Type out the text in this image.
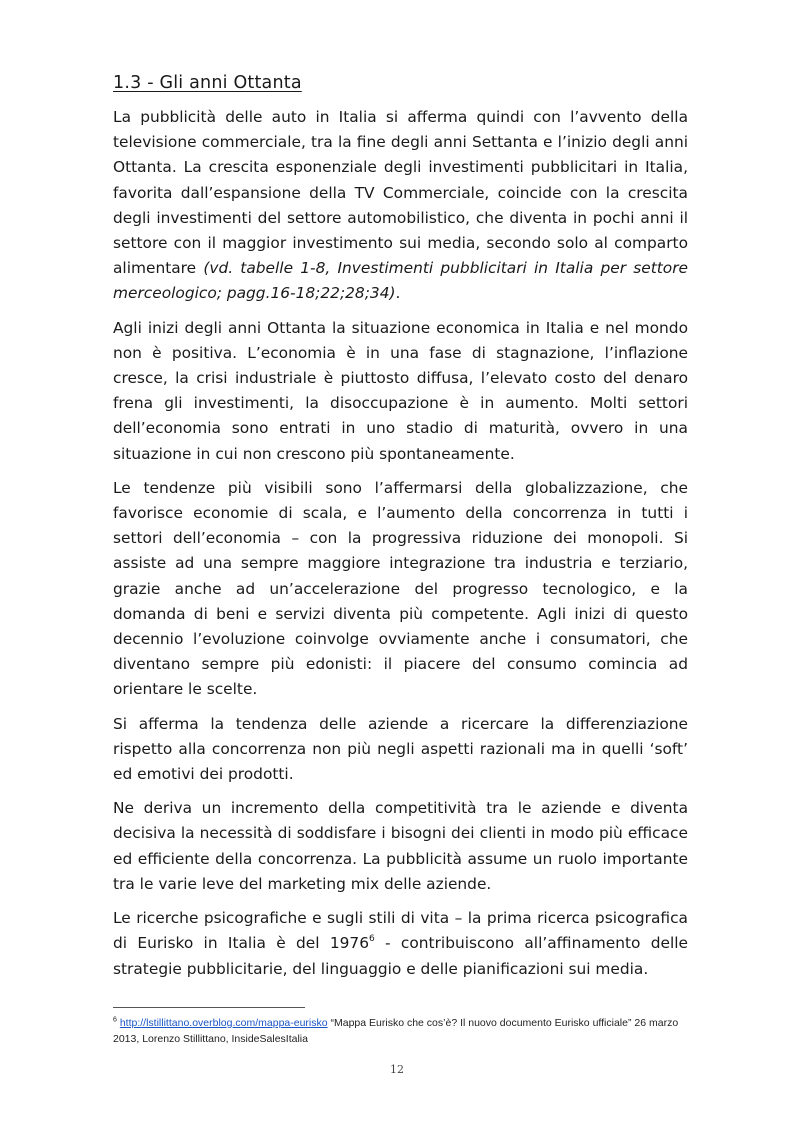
1.3 - Gli anni Ottanta

La pubblicità delle auto in Italia si afferma quindi con l’avvento della televisione commerciale, tra la fine degli anni Settanta e l’inizio degli anni Ottanta. La crescita esponenziale degli investimenti pubblicitari in Italia, favorita dall’espansione della TV Commerciale, coincide con la crescita degli investimenti del settore automobilistico, che diventa in pochi anni il settore con il maggior investimento sui media, secondo solo al comparto alimentare (vd. tabelle 1-8, Investimenti pubblicitari in Italia per settore merceologico; pagg.16-18;22;28;34).

Agli inizi degli anni Ottanta la situazione economica in Italia e nel mondo non è positiva. L’economia è in una fase di stagnazione, l’inflazione cresce, la crisi industriale è piuttosto diffusa, l’elevato costo del denaro frena gli investimenti, la disoccupazione è in aumento. Molti settori dell’economia sono entrati in uno stadio di maturità, ovvero in una situazione in cui non crescono più spontaneamente.

Le tendenze più visibili sono l’affermarsi della globalizzazione, che favorisce economie di scala, e l’aumento della concorrenza in tutti i settori dell’economia – con la progressiva riduzione dei monopoli. Si assiste ad una sempre maggiore integrazione tra industria e terziario, grazie anche ad un’accelerazione del progresso tecnologico, e la domanda di beni e servizi diventa più competente. Agli inizi di questo decennio l’evoluzione coinvolge ovviamente anche i consumatori, che diventano sempre più edonisti: il piacere del consumo comincia ad orientare le scelte.

Si afferma la tendenza delle aziende a ricercare la differenziazione rispetto alla concorrenza non più negli aspetti razionali ma in quelli ‘soft’ ed emotivi dei prodotti.

Ne deriva un incremento della competitività tra le aziende e diventa decisiva la necessità di soddisfare i bisogni dei clienti in modo più efficace ed efficiente della concorrenza. La pubblicità assume un ruolo importante tra le varie leve del marketing mix delle aziende.

Le ricerche psicografiche e sugli stili di vita – la prima ricerca psicografica di Eurisko in Italia è del 1976$^6$ - contribuiscono all’affinamento delle strategie pubblicitarie, del linguaggio e delle pianificazioni sui media.

$^6$ http://lstillittano.overblog.com/mappa-eurisko “Mappa Eurisko che cos’è? Il nuovo documento Eurisko ufficiale” 26 marzo 2013, Lorenzo Stillittano, InsideSalesItalia
12
